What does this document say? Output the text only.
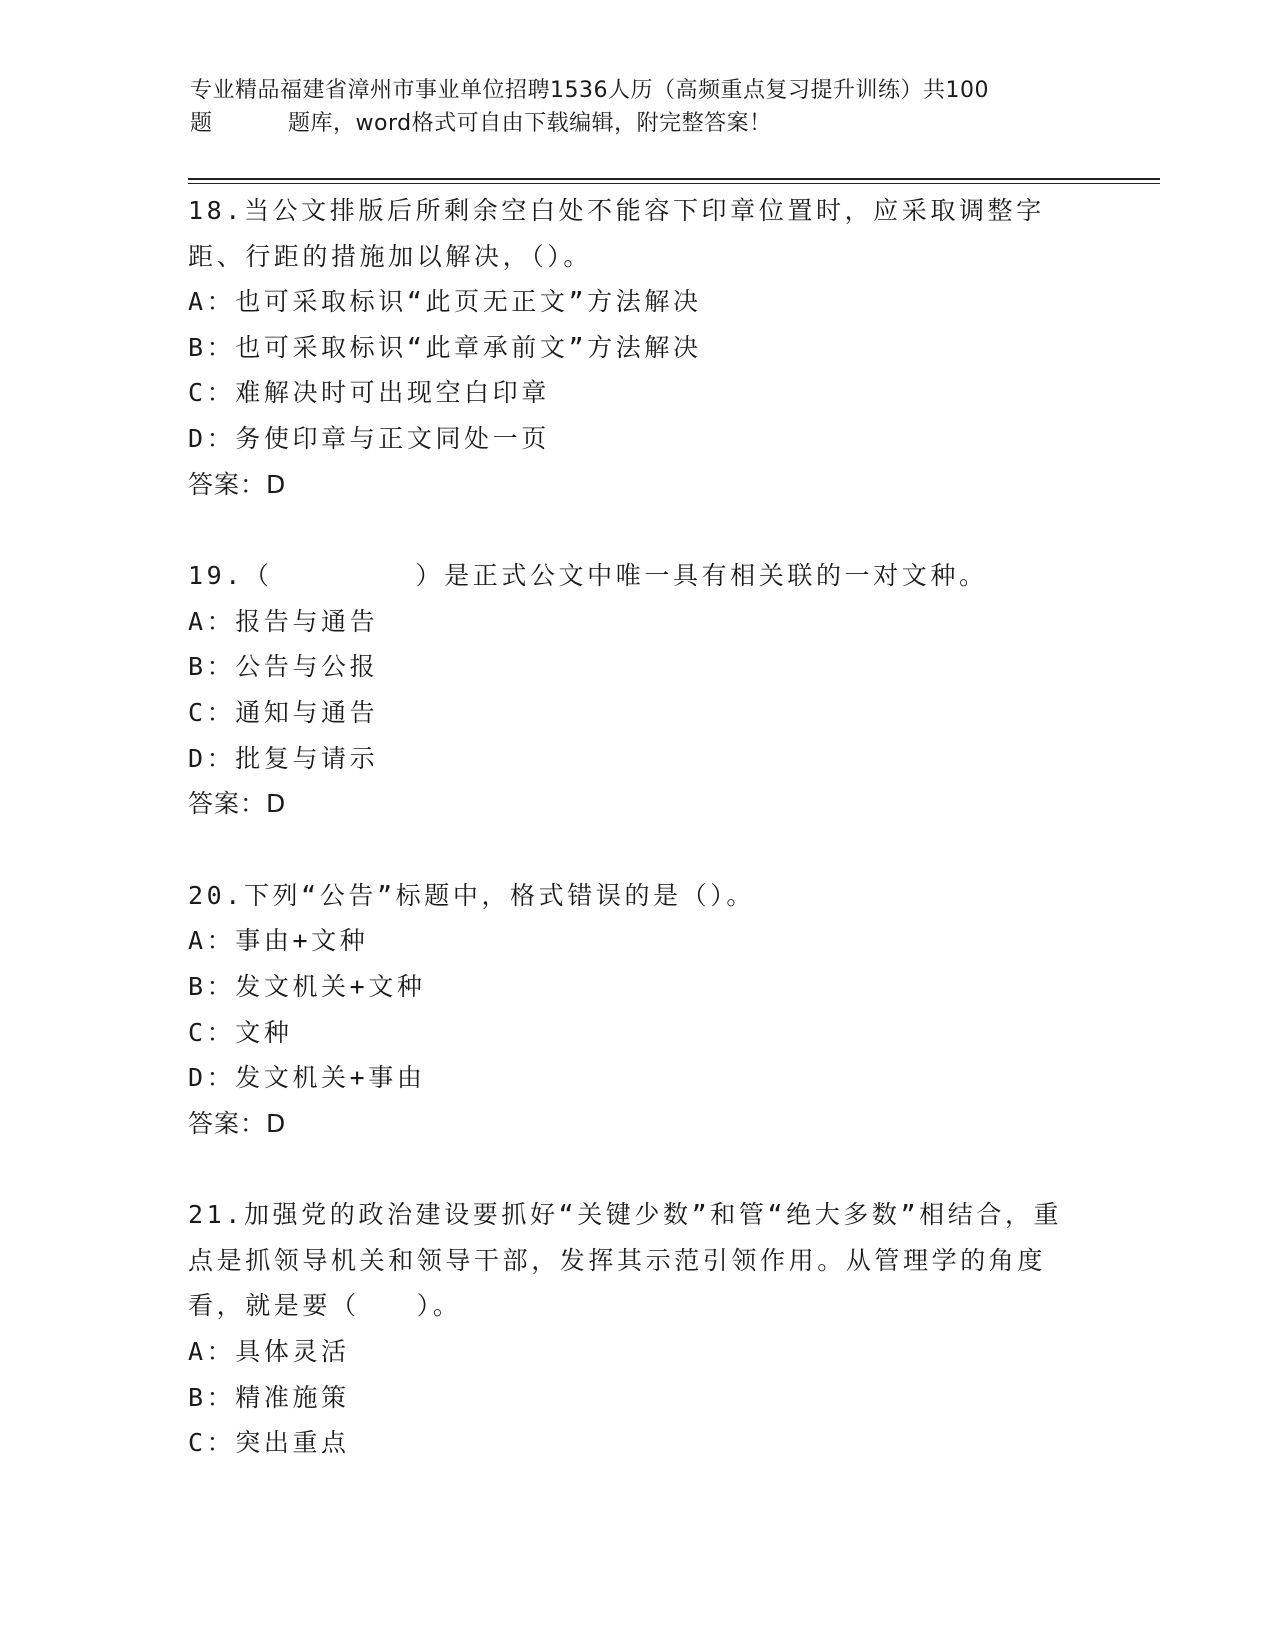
专业精品福建省漳州市事业单位招聘1536人历（高频重点复习提升训练）共100
题	题库，word格式可自由下载编辑，附完整答案！
18.当公文排版后所剩余空白处不能容下印章位置时，应采取调整字距、行距的措施加以解决，（）。
A：也可采取标识“此页无正文”方法解决
B：也可采取标识“此章承前文”方法解决
C：难解决时可出现空白印章
D：务使印章与正文同处一页
答案：D
19.（　　　　　）是正式公文中唯一具有相关联的一对文种。
A：报告与通告
B：公告与公报
C：通知与通告
D：批复与请示
答案：D
20.下列“公告”标题中，格式错误的是（）。
A：事由+文种
B：发文机关+文种
C：文种
D：发文机关+事由
答案：D
21.加强党的政治建设要抓好“关键少数”和管“绝大多数”相结合，重点是抓领导机关和领导干部，发挥其示范引领作用。从管理学的角度看，就是要（　　）。
A：具体灵活
B：精准施策
C：突出重点
